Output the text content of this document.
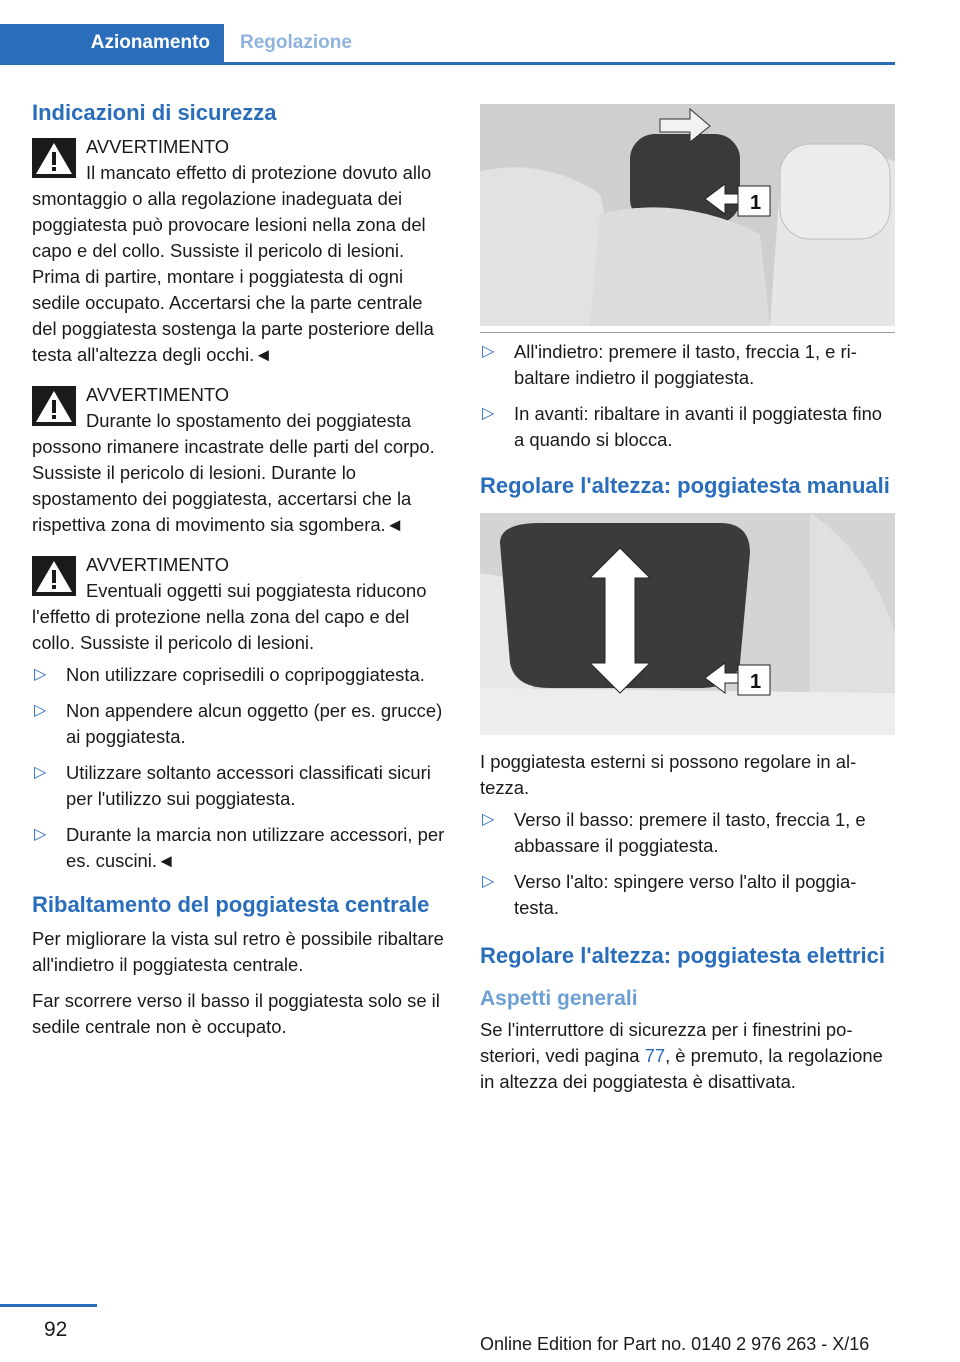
Azionamento	Regolazione
Indicazioni di sicurezza
AVVERTIMENTO

Il mancato effetto di protezione dovuto allo smontaggio o alla regolazione inadeguata dei poggiatesta può provocare lesioni nella zona del capo e del collo. Sussiste il pericolo di lesioni. Prima di partire, montare i poggiatesta di ogni sedile occupato. Accertarsi che la parte centrale del poggiatesta sostenga la parte posteriore della testa all'altezza degli occhi.◄

AVVERTIMENTO

Durante lo spostamento dei poggiatesta possono rimanere incastrate delle parti del corpo. Sussiste il pericolo di lesioni. Durante lo spostamento dei poggiatesta, accertarsi che la rispettiva zona di movimento sia sgombera.◄

AVVERTIMENTO

Eventuali oggetti sui poggiatesta riducono l'effetto di protezione nella zona del capo e del collo. Sussiste il pericolo di lesioni.

▷ Non utilizzare coprisedili o copripoggiatesta.
▷ Non appendere alcun oggetto (per es. grucce) ai poggiatesta.
▷ Utilizzare soltanto accessori classificati sicuri per l'utilizzo sui poggiatesta.
▷ Durante la marcia non utilizzare accessori, per es. cuscini.◄
Ribaltamento del poggiatesta centrale

Per migliorare la vista sul retro è possibile ribaltare all'indietro il poggiatesta centrale.

Far scorrere verso il basso il poggiatesta solo se il sedile centrale non è occupato.

1
▷ All'indietro: premere il tasto, freccia 1, e ribaltare indietro il poggiatesta.
▷ In avanti: ribaltare in avanti il poggiatesta fino a quando si blocca.
Regolare l'altezza: poggiatesta manuali
1

I poggiatesta esterni si possono regolare in altezza.

▷ Verso il basso: premere il tasto, freccia 1, e abbassare il poggiatesta.
▷ Verso l'alto: spingere verso l'alto il poggiatesta.
Regolare l'altezza: poggiatesta elettrici
Aspetti generali

Se l'interruttore di sicurezza per i finestrini posteriori, vedi pagina 77, è premuto, la regolazione in altezza dei poggiatesta è disattivata.

92
Online Edition for Part no. 0140 2 976 263 - X/16
